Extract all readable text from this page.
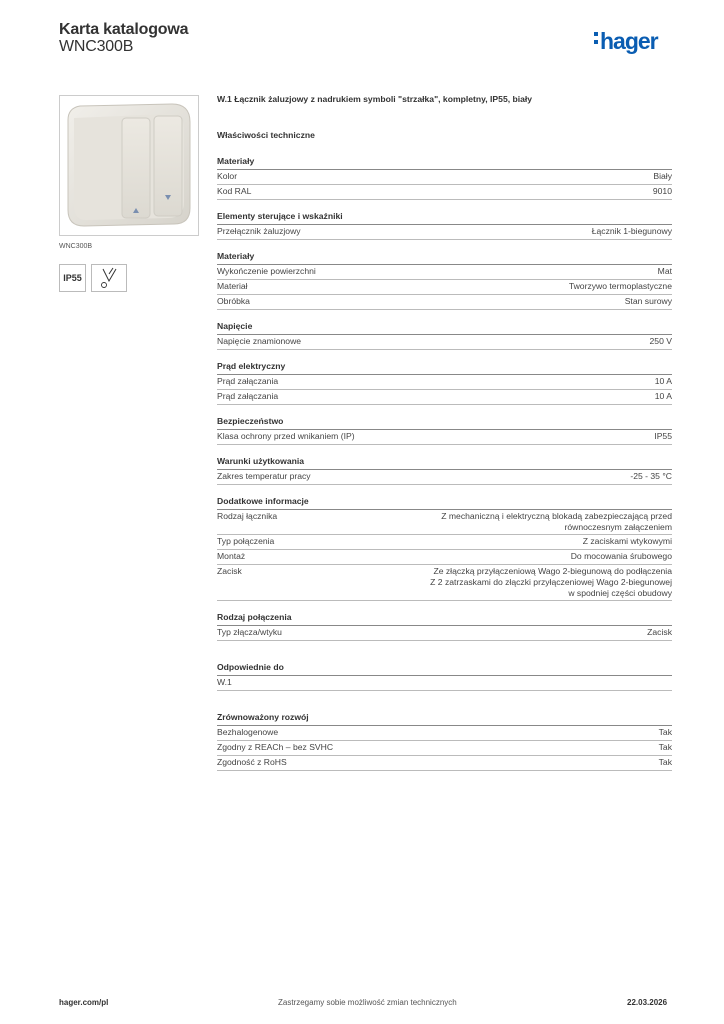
Karta katalogowa
WNC300B	hager
WNC300B
IP55
W.1 Łącznik żaluzjowy z nadrukiem symboli "strzałka", kompletny, IP55, biały
Właściwości techniczne
Materiały
Kolor	Biały
Kod RAL	9010
Elementy sterujące i wskaźniki
Przełącznik żaluzjowy	Łącznik 1-biegunowy
Materiały
Wykończenie powierzchni	Mat
Materiał	Tworzywo termoplastyczne
Obróbka	Stan surowy
Napięcie
Napięcie znamionowe	250 V
Prąd elektryczny
Prąd załączania	10 A
Prąd załączania	10 A
Bezpieczeństwo
Klasa ochrony przed wnikaniem (IP)	IP55
Warunki użytkowania
Zakres temperatur pracy	-25 - 35 °C
Dodatkowe informacje
Rodzaj łącznika	Z mechaniczną i elektryczną blokadą zabezpieczającą przed
równoczesnym załączeniem
Typ połączenia	Z zaciskami wtykowymi
Montaż	Do mocowania śrubowego
Zacisk	Ze złączką przyłączeniową Wago 2-biegunową do podłączenia
Z 2 zatrzaskami do złączki przyłączeniowej Wago 2-biegunowej
w spodniej części obudowy
Rodzaj połączenia
Typ złącza/wtyku	Zacisk
Odpowiednie do
W.1
Zrównoważony rozwój
Bezhalogenowe	Tak
Zgodny z REACh – bez SVHC	Tak
Zgodność z RoHS	Tak
hager.com/pl	Zastrzegamy sobie możliwość zmian technicznych	22.03.2026
